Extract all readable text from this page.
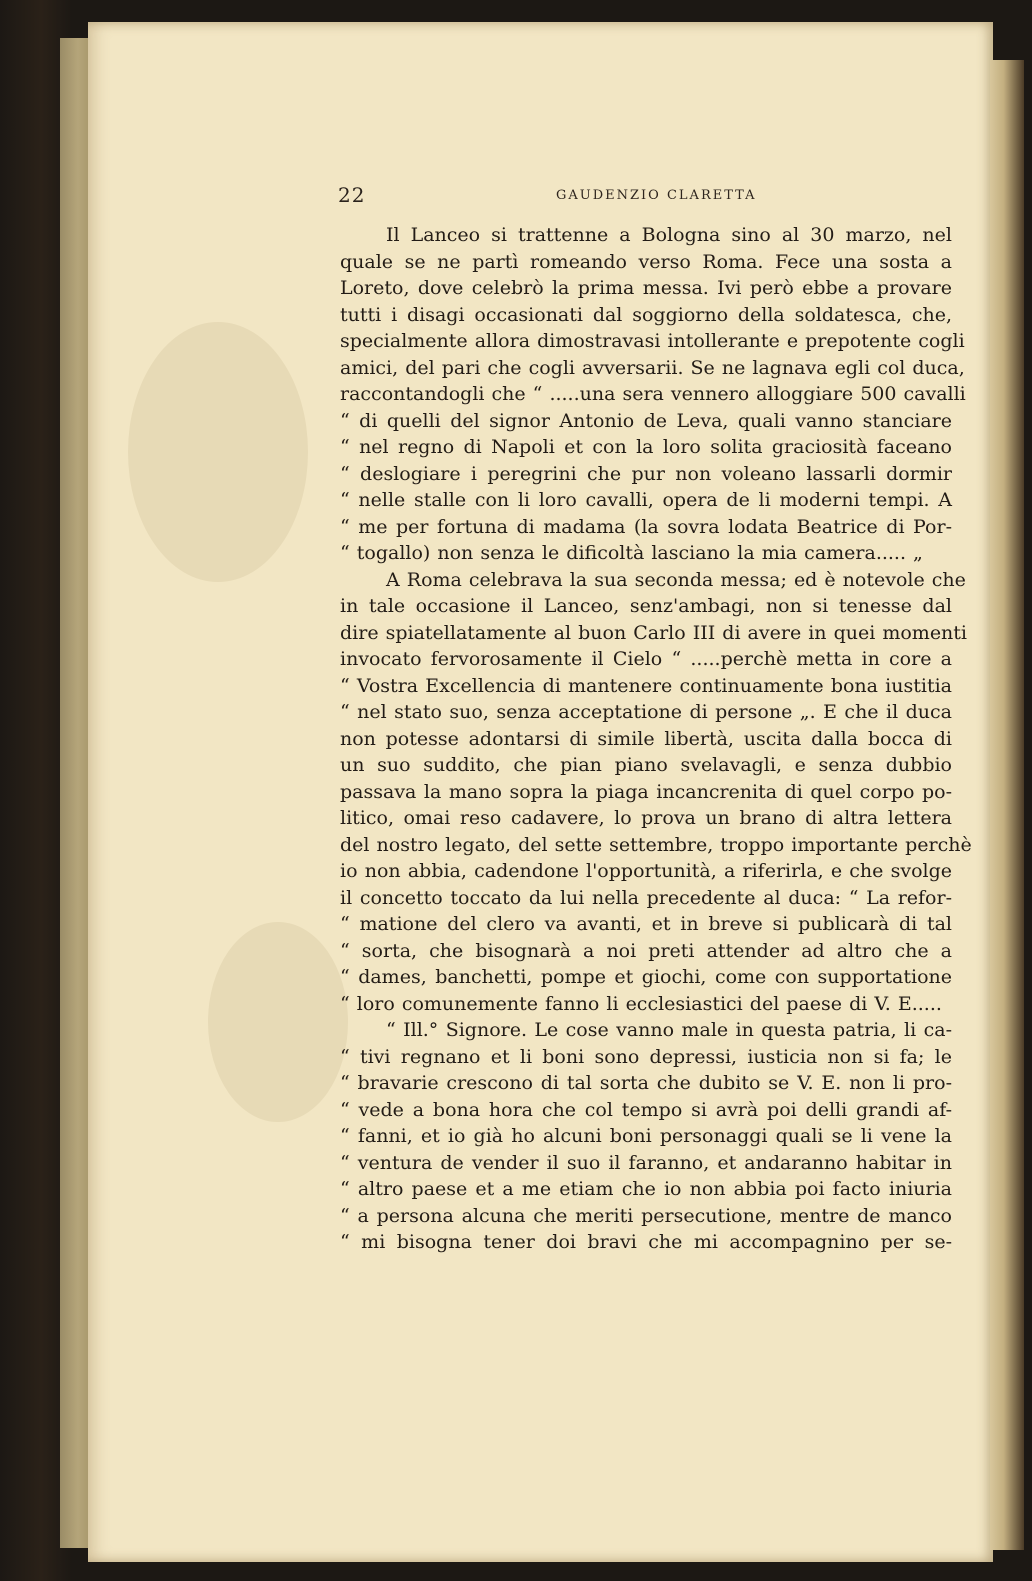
22	GAUDENZIO CLARETTA
Il Lanceo si trattenne a Bologna sino al 30 marzo, nel
quale se ne partì romeando verso Roma. Fece una sosta a
Loreto, dove celebrò la prima messa. Ivi però ebbe a provare
tutti i disagi occasionati dal soggiorno della soldatesca, che,
specialmente allora dimostravasi intollerante e prepotente cogli
amici, del pari che cogli avversarii. Se ne lagnava egli col duca,
raccontandogli che “ .....una sera vennero alloggiare 500 cavalli
“ di quelli del signor Antonio de Leva, quali vanno stanciare
“ nel regno di Napoli et con la loro solita graciosità faceano
“ deslogiare i peregrini che pur non voleano lassarli dormir
“ nelle stalle con li loro cavalli, opera de li moderni tempi. A
“ me per fortuna di madama (la sovra lodata Beatrice di Por-
“ togallo) non senza le dificoltà lasciano la mia camera..... „
A Roma celebrava la sua seconda messa; ed è notevole che
in tale occasione il Lanceo, senz'ambagi, non si tenesse dal
dire spiatellatamente al buon Carlo III di avere in quei momenti
invocato fervorosamente il Cielo “ .....perchè metta in core a
“ Vostra Excellencia di mantenere continuamente bona iustitia
“ nel stato suo, senza acceptatione di persone „. E che il duca
non potesse adontarsi di simile libertà, uscita dalla bocca di
un suo suddito, che pian piano svelavagli, e senza dubbio
passava la mano sopra la piaga incancrenita di quel corpo po-
litico, omai reso cadavere, lo prova un brano di altra lettera
del nostro legato, del sette settembre, troppo importante perchè
io non abbia, cadendone l'opportunità, a riferirla, e che svolge
il concetto toccato da lui nella precedente al duca: “ La refor-
“ matione del clero va avanti, et in breve si publicarà di tal
“ sorta, che bisognarà a noi preti attender ad altro che a
“ dames, banchetti, pompe et giochi, come con supportatione
“ loro comunemente fanno li ecclesiastici del paese di V. E.....
“ Ill.° Signore. Le cose vanno male in questa patria, li ca-
“ tivi regnano et li boni sono depressi, iusticia non si fa; le
“ bravarie crescono di tal sorta che dubito se V. E. non li pro-
“ vede a bona hora che col tempo si avrà poi delli grandi af-
“ fanni, et io già ho alcuni boni personaggi quali se li vene la
“ ventura de vender il suo il faranno, et andaranno habitar in
“ altro paese et a me etiam che io non abbia poi facto iniuria
“ a persona alcuna che meriti persecutione, mentre de manco
“ mi bisogna tener doi bravi che mi accompagnino per se-
